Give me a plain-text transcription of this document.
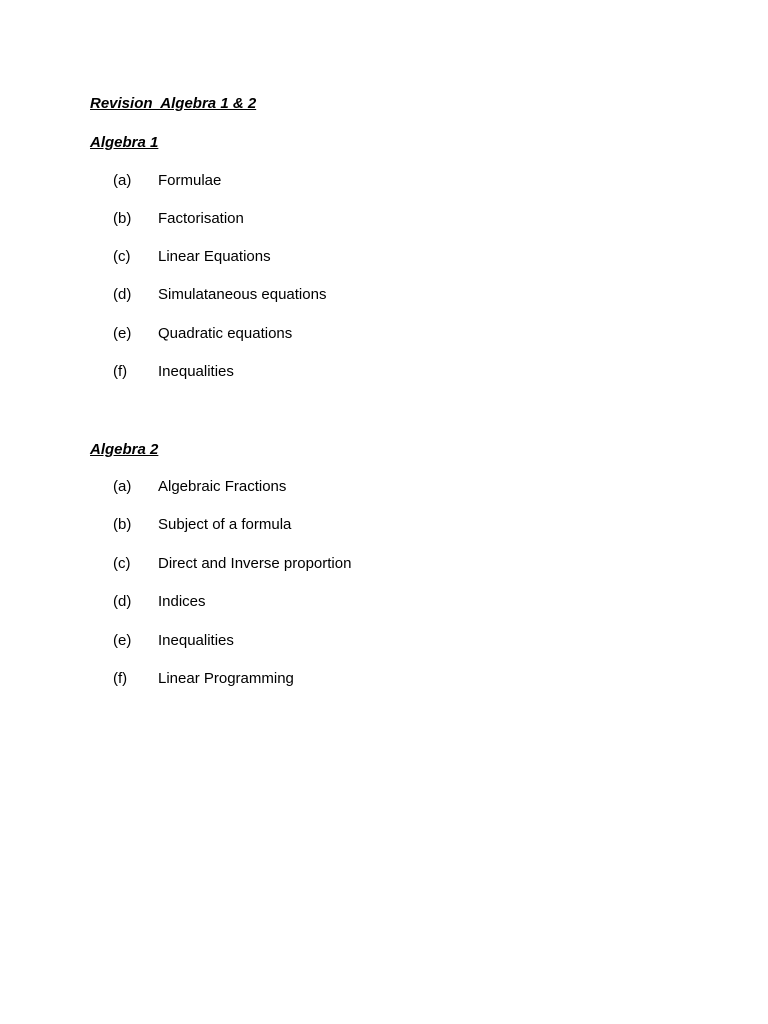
Revision  Algebra 1 & 2
Algebra 1
(a) Formulae
(b) Factorisation
(c) Linear Equations
(d) Simulataneous equations
(e) Quadratic equations
(f) Inequalities
Algebra 2
(a) Algebraic Fractions
(b) Subject of a formula
(c) Direct and Inverse proportion
(d) Indices
(e) Inequalities
(f) Linear Programming
